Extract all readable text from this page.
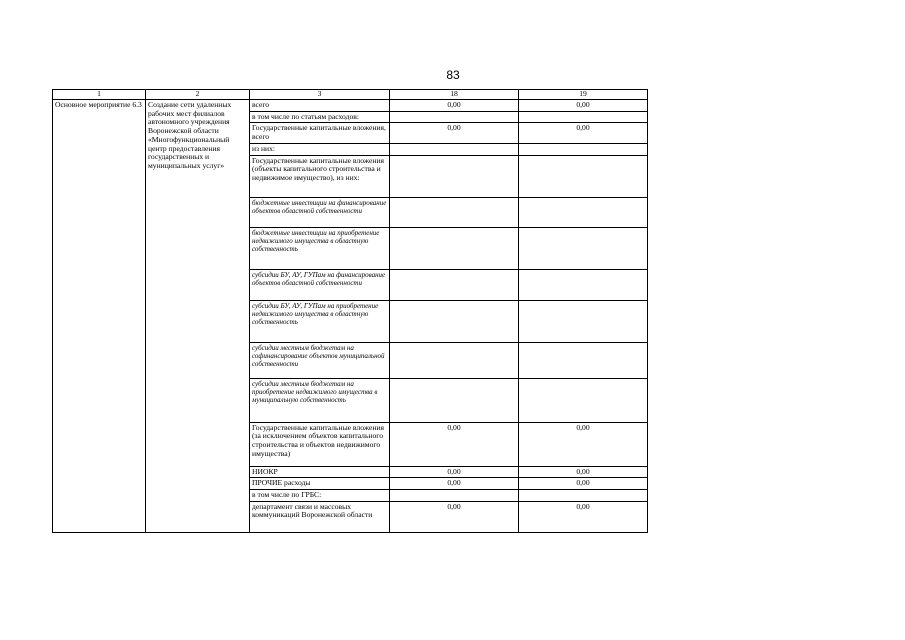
83
1	2	3	18	19
Основное мероприятие 6.3	Создание сети удаленных рабочих мест филиалов автономного учреждения Воронежской области «Многофункциональный центр предоставления государственных и муниципальных услуг»	всего	0,00	0,00
		в том числе по статьям расходов:		
		Государственные капитальные вложения, всего	0,00	0,00
		из них:		
		Государственные капитальные вложения (объекты капитального строительства и недвижимое имущество), из них:		
		бюджетные инвестиции на финансирование объектов областной собственности		
		бюджетные инвестиции на приобретение недвижимого имущества в областную собственность		
		субсидии БУ, АУ, ГУПам на финансирование объектов областной собственности		
		субсидии БУ, АУ, ГУПам на приобретение недвижимого имущества в областную собственность		
		субсидии местным бюджетам на софинансирование объектов муниципальной собственности		
		субсидии местным бюджетам на приобретение недвижимого имущества в муниципальную собственность		
		Государственные капитальные вложения (за исключением объектов капитального строительства и объектов недвижимого имущества)	0,00	0,00
		НИОКР	0,00	0,00
		ПРОЧИЕ расходы	0,00	0,00
		в том числе по ГРБС:		
		департамент связи и массовых коммуникаций Воронежской области	0,00	0,00
